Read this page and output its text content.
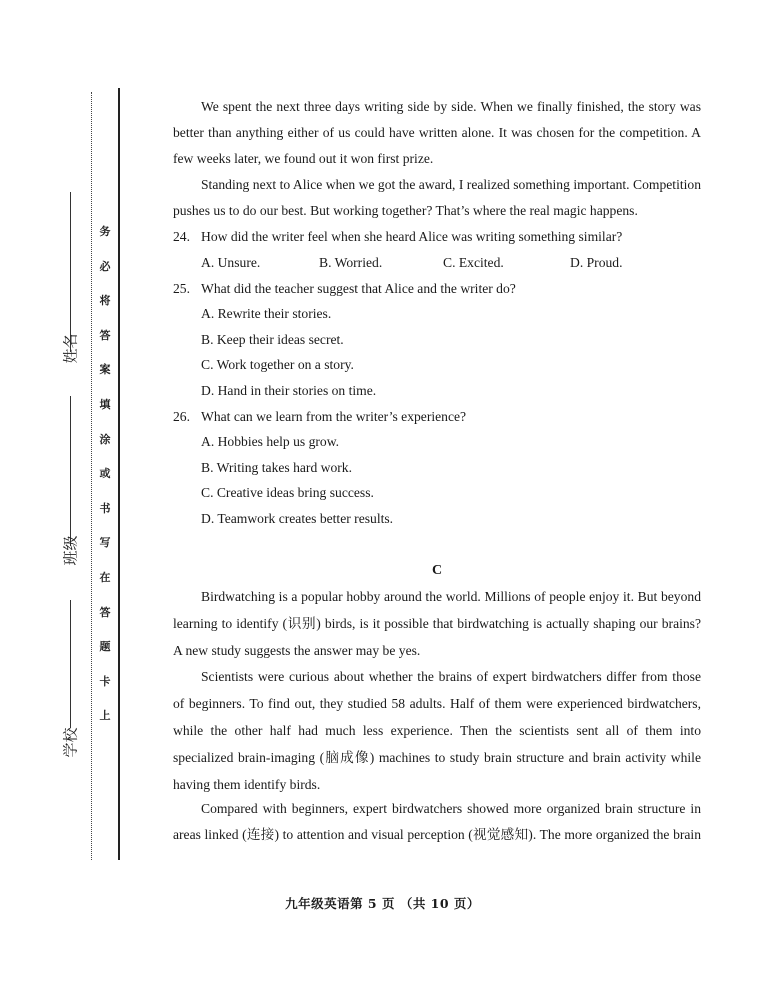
姓名
班级
学校
务
必
将
答
案
填
涂
或
书
写
在
答
题
卡
上
We spent the next three days writing side by side. When we finally finished, the story was
better than anything either of us could have written alone. It was chosen for the competition. A
few weeks later, we found out it won first prize.
Standing next to Alice when we got the award, I realized something important. Competition
pushes us to do our best. But working together? That’s where the real magic happens.
24. How did the writer feel when she heard Alice was writing something similar?
A. Unsure.	B. Worried.	C. Excited.	D. Proud.
25. What did the teacher suggest that Alice and the writer do?
A. Rewrite their stories.
B. Keep their ideas secret.
C. Work together on a story.
D. Hand in their stories on time.
26. What can we learn from the writer’s experience?
A. Hobbies help us grow.
B. Writing takes hard work.
C. Creative ideas bring success.
D. Teamwork creates better results.
C
Birdwatching is a popular hobby around the world. Millions of people enjoy it. But beyond
learning to identify (识别) birds, is it possible that birdwatching is actually shaping our brains?
A new study suggests the answer may be yes.
Scientists were curious about whether the brains of expert birdwatchers differ from those
of beginners. To find out, they studied 58 adults. Half of them were experienced birdwatchers,
while the other half had much less experience. Then the scientists sent all of them into
specialized brain-imaging (脑成像) machines to study brain structure and brain activity while
having them identify birds.
Compared with beginners, expert birdwatchers showed more organized brain structure in
areas linked (连接) to attention and visual perception (视觉感知). The more organized the brain
九年级英语第 5 页 （共 10 页）
